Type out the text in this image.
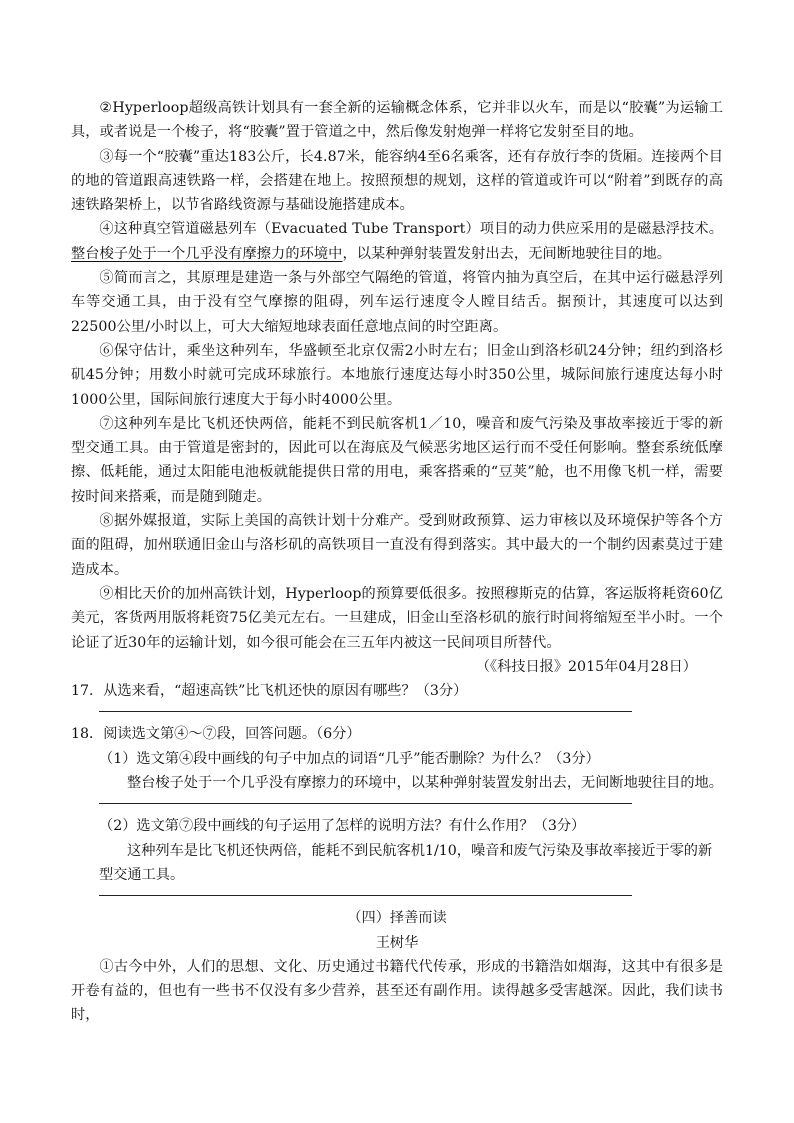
②Hyperloop超级高铁计划具有一套全新的运输概念体系，它并非以火车，而是以“胶囊”为运输工具，或者说是一个梭子，将“胶囊”置于管道之中，然后像发射炮弹一样将它发射至目的地。

③每一个“胶囊”重达183公斤，长4.87米，能容纳4至6名乘客，还有存放行李的货厢。连接两个目的地的管道跟高速铁路一样，会搭建在地上。按照预想的规划，这样的管道或许可以“附着”到既存的高速铁路架桥上，以节省路线资源与基础设施搭建成本。

④这种真空管道磁悬列车（Evacuated Tube Transport）项目的动力供应采用的是磁悬浮技术。整台梭子处于一个几乎没有摩擦力的环境中，以某种弹射装置发射出去，无间断地驶往目的地。

⑤简而言之，其原理是建造一条与外部空气隔绝的管道，将管内抽为真空后，在其中运行磁悬浮列车等交通工具，由于没有空气摩擦的阻碍，列车运行速度令人瞠目结舌。据预计，其速度可以达到22500公里/小时以上，可大大缩短地球表面任意地点间的时空距离。

⑥保守估计，乘坐这种列车，华盛顿至北京仅需2小时左右；旧金山到洛杉矶24分钟；纽约到洛杉矶45分钟；用数小时就可完成环球旅行。本地旅行速度达每小时350公里，城际间旅行速度达每小时1000公里，国际间旅行速度大于每小时4000公里。

⑦这种列车是比飞机还快两倍，能耗不到民航客机1／10，噪音和废气污染及事故率接近于零的新型交通工具。由于管道是密封的，因此可以在海底及气候恶劣地区运行而不受任何影响。整套系统低摩擦、低耗能，通过太阳能电池板就能提供日常的用电，乘客搭乘的“豆荚”舱，也不用像飞机一样，需要按时间来搭乘，而是随到随走。

⑧据外媒报道，实际上美国的高铁计划十分难产。受到财政预算、运力审核以及环境保护等各个方面的阻碍，加州联通旧金山与洛杉矶的高铁项目一直没有得到落实。其中最大的一个制约因素莫过于建造成本。

⑨相比天价的加州高铁计划，Hyperloop的预算要低很多。按照穆斯克的估算，客运版将耗资60亿美元，客货两用版将耗资75亿美元左右。一旦建成，旧金山至洛杉矶的旅行时间将缩短至半小时。一个论证了近30年的运输计划，如今很可能会在三五年内被这一民间项目所替代。

（《科技日报》2015年04月28日）

17．从选来看，“超速高铁”比飞机还快的原因有哪些？（3分）

18．阅读选文第④～⑦段，回答问题。（6分）

（1）选文第④段中画线的句子中加点的词语“几乎”能否删除？为什么？（3分）

整台梭子处于一个几乎没有摩擦力的环境中，以某种弹射装置发射出去，无间断地驶往目的地。

（2）选文第⑦段中画线的句子运用了怎样的说明方法？有什么作用？（3分）

这种列车是比飞机还快两倍，能耗不到民航客机1/10，噪音和废气污染及事故率接近于零的新型交通工具。

（四）择善而读

王树华

①古今中外，人们的思想、文化、历史通过书籍代代传承，形成的书籍浩如烟海，这其中有很多是开卷有益的，但也有一些书不仅没有多少营养，甚至还有副作用。读得越多受害越深。因此，我们读书时，
